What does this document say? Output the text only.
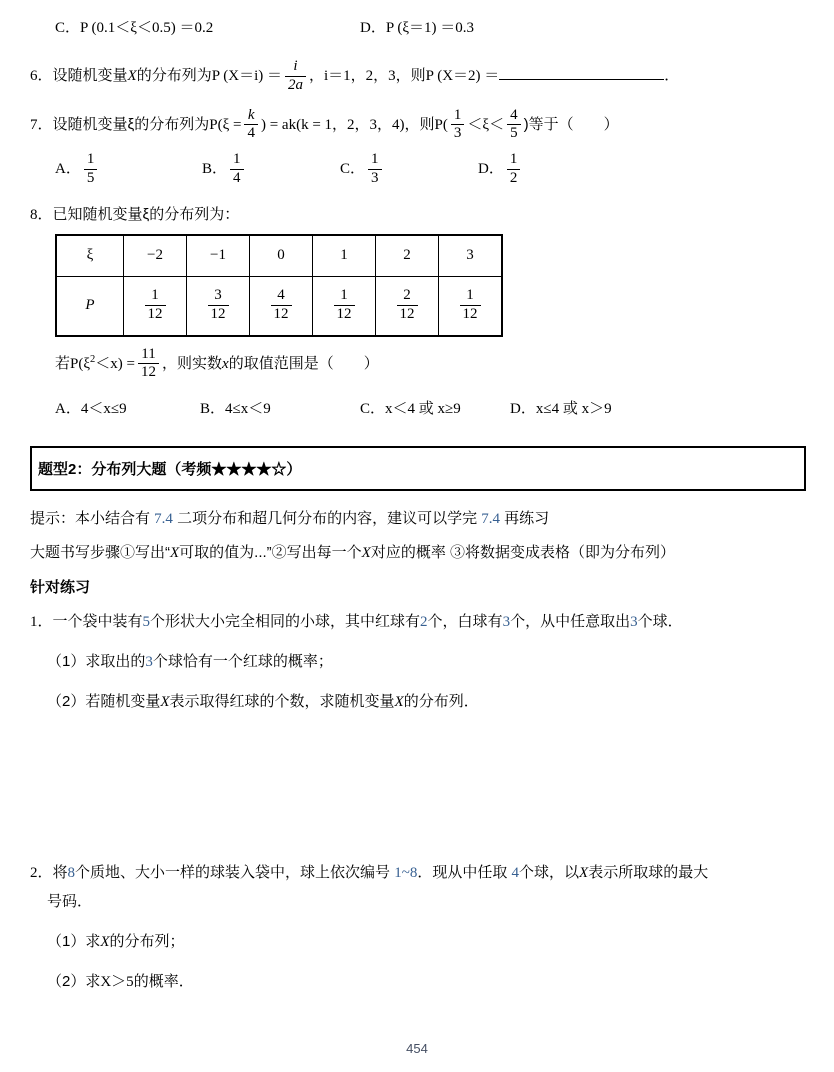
C．P (0.1＜ξ＜0.5) ＝0.2	D．P (ξ＝1) ＝0.3
6．设随机变量X的分布列为P $(X=i) = \frac{i}{2a}$ ，i＝1，2，3，则P (X＝2) ＝	．
7．设随机变量ξ的分布列为$P(\xi = \frac{k}{4}$ ) = ak(k = 1，2，3，4)，则$P( \frac{1}{3} <\xi< \frac{4}{5}$ )等于（　　）
A． $\frac{1}{5}$	B． $\frac{1}{4}$	C． $\frac{1}{3}$	D． $\frac{1}{2}$
8．已知随机变量ξ的分布列为：
ξ	−2	−1	0	1	2	3
P	$\frac{1}{12}$	$\frac{3}{12}$	$\frac{4}{12}$	$\frac{1}{12}$	$\frac{2}{12}$	$\frac{1}{12}$
若$P(\xi^2<x) = \frac{11}{12}$ ，则实数x的取值范围是（　　）
A．4＜x≤9	B．4≤x＜9	C．x＜4 或 x≥9	D．x≤4 或 x＞9
题型2：分布列大题（考频★★★★☆）
提示：本小结合有 7.4 二项分布和超几何分布的内容，建议可以学完 7.4 再练习
大题书写步骤①写出“X可取的值为...”②写出每一个X对应的概率 ③将数据变成表格（即为分布列）
针对练习
1．一个袋中装有5个形状大小完全相同的小球，其中红球有2个，白球有3个，从中任意取出3个球．
（1）求取出的3个球恰有一个红球的概率；
（2）若随机变量X表示取得红球的个数，求随机变量X的分布列．
2．将8个质地、大小一样的球装入袋中，球上依次编号 1~8．现从中任取 4个球，以X表示所取球的最大
号码．
（1）求X的分布列；
（2）求X＞5的概率．
454
